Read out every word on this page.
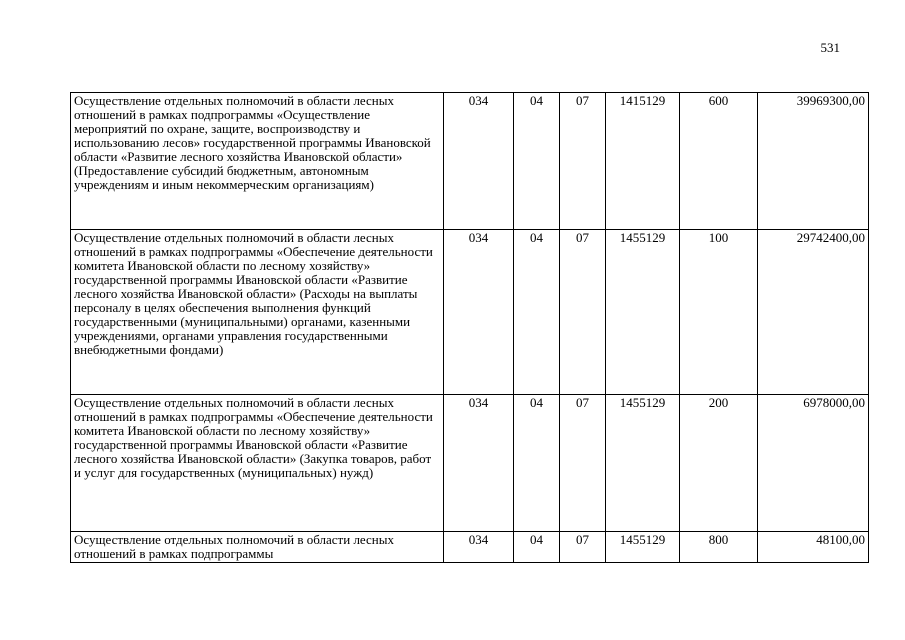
531
Осуществление отдельных полномочий в области лесных отношений в рамках подпрограммы «Осуществление мероприятий по охране, защите, воспроизводству и использованию лесов» государственной программы Ивановской области «Развитие лесного хозяйства Ивановской области» (Предоставление субсидий бюджетным, автономным учреждениям и иным некоммерческим организациям)	034	04	07	1415129	600	39969300,00
Осуществление отдельных полномочий в области лесных отношений в рамках подпрограммы «Обеспечение деятельности комитета Ивановской области по лесному хозяйству» государственной программы Ивановской области «Развитие лесного хозяйства Ивановской области» (Расходы на выплаты персоналу в целях обеспечения выполнения функций государственными (муниципальными) органами, казенными учреждениями, органами управления государственными внебюджетными фондами)	034	04	07	1455129	100	29742400,00
Осуществление отдельных полномочий в области лесных отношений в рамках подпрограммы «Обеспечение деятельности комитета Ивановской области по лесному хозяйству» государственной программы Ивановской области «Развитие лесного хозяйства Ивановской области» (Закупка товаров, работ и услуг для государственных (муниципальных) нужд)	034	04	07	1455129	200	6978000,00
Осуществление отдельных полномочий в области лесных отношений в рамках подпрограммы	034	04	07	1455129	800	48100,00
